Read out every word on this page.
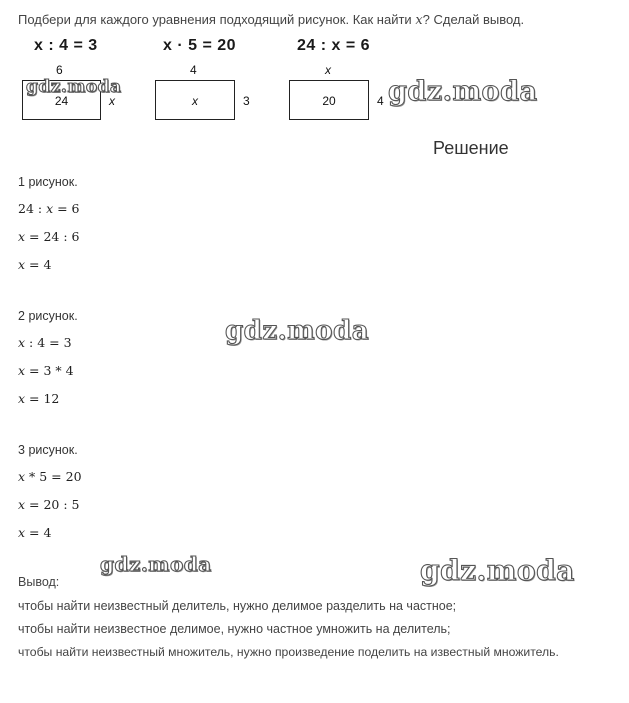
Подбери для каждого уравнения подходящий рисунок. Как найти x? Сделай вывод.
x : 4 = 3	x · 5 = 20	24 : x = 6
6
24	x
4
x	3
x
20	4
Решение
1 рисунок.
24 : x = 6
x = 24 : 6
x = 4
2 рисунок.
x : 4 = 3
x = 3 * 4
x = 12
3 рисунок.
x * 5 = 20
x = 20 : 5
x = 4
Вывод:
чтобы найти неизвестный делитель, нужно делимое разделить на частное;
чтобы найти неизвестное делимое, нужно частное умножить на делитель;
чтобы найти неизвестный множитель, нужно произведение поделить на известный множитель.
gdz.moda	gdz.moda
gdz.moda
gdz.moda	gdz.moda
